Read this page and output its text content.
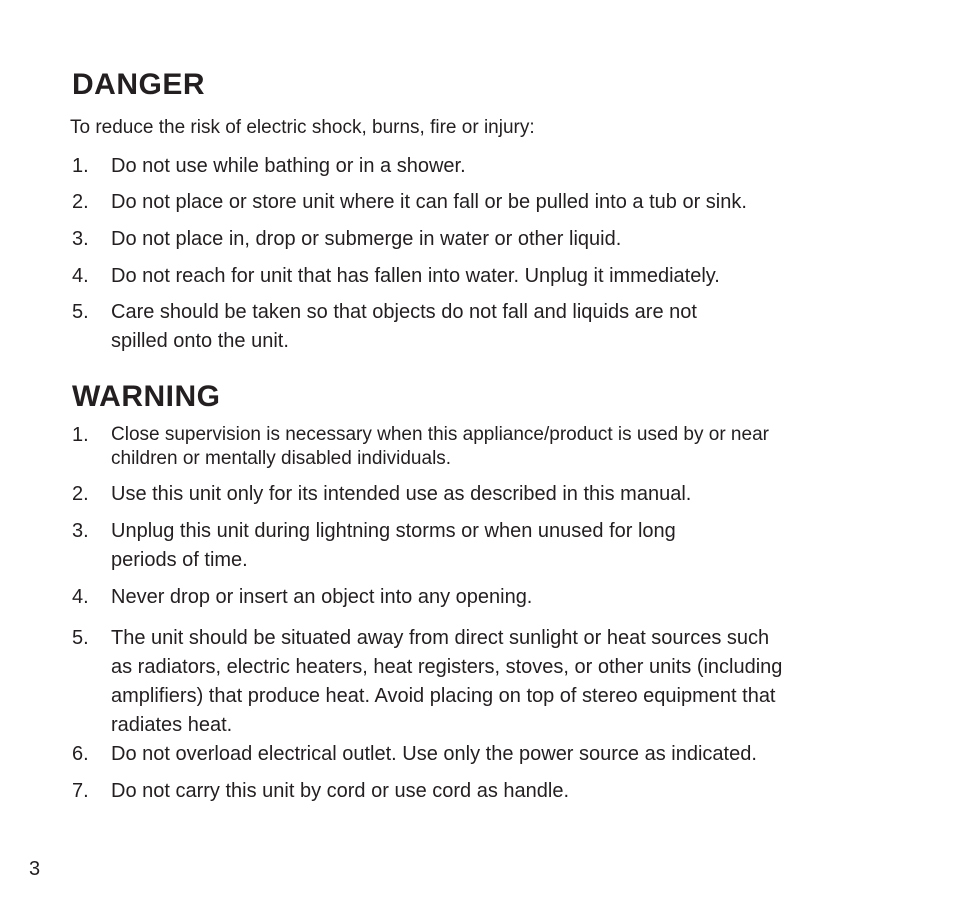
DANGER

To reduce the risk of electric shock, burns, fire or injury:

1.	Do not use while bathing or in a shower.
2.	Do not place or store unit where it can fall or be pulled into a tub or sink.
3.	Do not place in, drop or submerge in water or other liquid.
4.	Do not reach for unit that has fallen into water. Unplug it immediately.
5.	Care should be taken so that objects do not fall and liquids are not
spilled onto the unit.
WARNING
1.	Close supervision is necessary when this appliance/product is used by or near
children or mentally disabled individuals.
2.	Use this unit only for its intended use as described in this manual.
3.	Unplug this unit during lightning storms or when unused for long
periods of time.
4.	Never drop or insert an object into any opening.
5.	The unit should be situated away from direct sunlight or heat sources such
as radiators, electric heaters, heat registers, stoves, or other units (including
amplifiers) that produce heat. Avoid placing on top of stereo equipment that
radiates heat.
6.	Do not overload electrical outlet. Use only the power source as indicated.
7.	Do not carry this unit by cord or use cord as handle.
3
